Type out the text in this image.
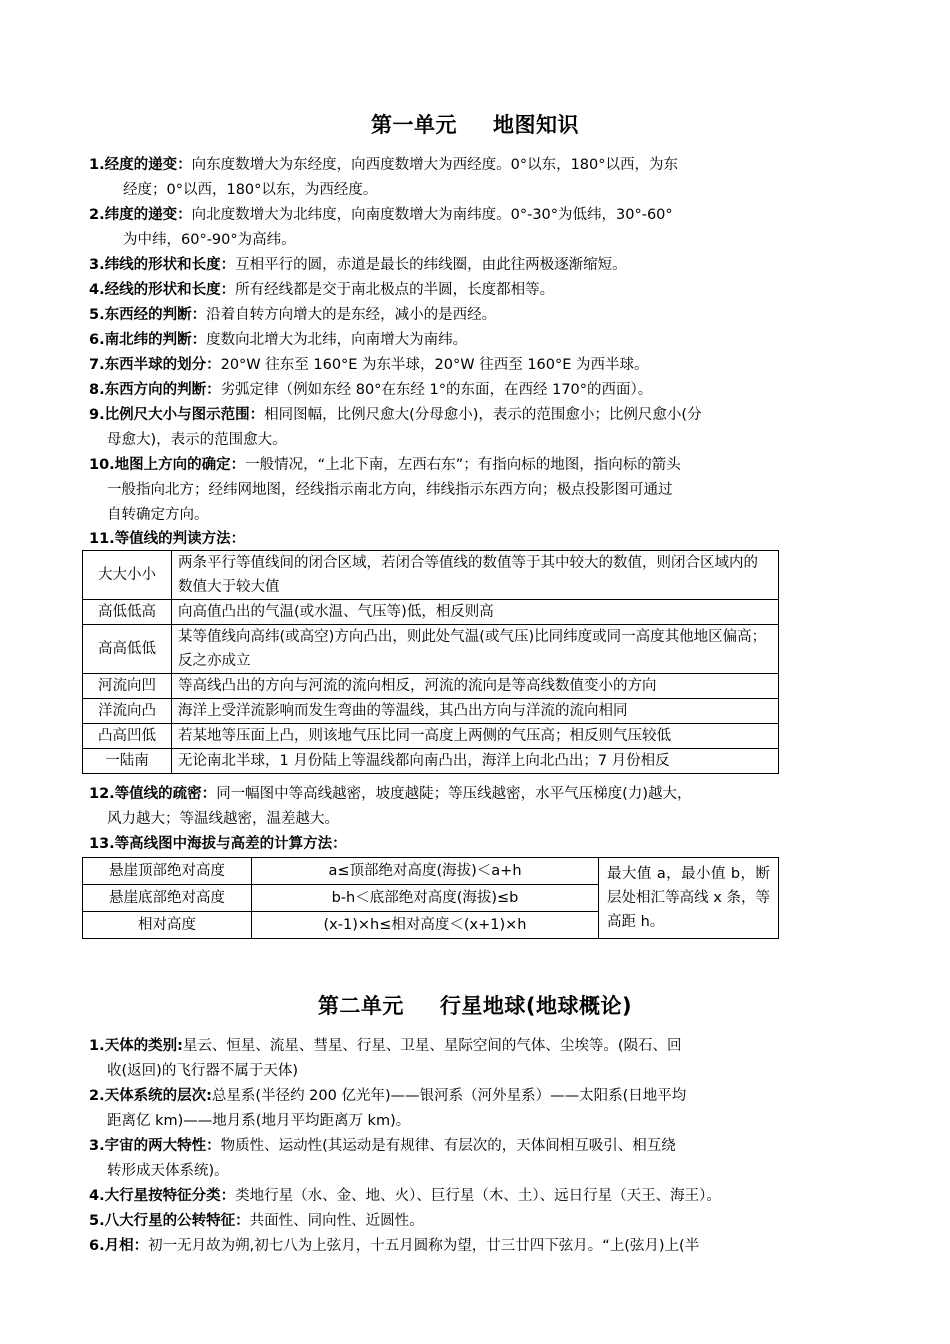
第一单元 地图知识
1.经度的递变：向东度数增大为东经度，向西度数增大为西经度。0°以东，180°以西，为东
经度；0°以西，180°以东，为西经度。
2.纬度的递变：向北度数增大为北纬度，向南度数增大为南纬度。0°-30°为低纬，30°-60°
为中纬，60°-90°为高纬。
3.纬线的形状和长度：互相平行的圆，赤道是最长的纬线圈，由此往两极逐渐缩短。
4.经线的形状和长度：所有经线都是交于南北极点的半圆，长度都相等。
5.东西经的判断：沿着自转方向增大的是东经，减小的是西经。
6.南北纬的判断：度数向北增大为北纬，向南增大为南纬。
7.东西半球的划分：20°W 往东至 160°E 为东半球，20°W 往西至 160°E 为西半球。
8.东西方向的判断：劣弧定律（例如东经 80°在东经 1°的东面，在西经 170°的西面）。
9.比例尺大小与图示范围：相同图幅，比例尺愈大(分母愈小)，表示的范围愈小；比例尺愈小(分
母愈大)，表示的范围愈大。
10.地图上方向的确定：一般情况，“上北下南，左西右东”；有指向标的地图，指向标的箭头
一般指向北方；经纬网地图，经线指示南北方向，纬线指示东西方向；极点投影图可通过
自转确定方向。
11.等值线的判读方法：
大大小小	两条平行等值线间的闭合区域，若闭合等值线的数值等于其中较大的数值，则闭合区域内的数值大于较大值
高低低高	向高值凸出的气温(或水温、气压等)低，相反则高
高高低低	某等值线向高纬(或高空)方向凸出，则此处气温(或气压)比同纬度或同一高度其他地区偏高；反之亦成立
河流向凹	等高线凸出的方向与河流的流向相反，河流的流向是等高线数值变小的方向
洋流向凸	海洋上受洋流影响而发生弯曲的等温线，其凸出方向与洋流的流向相同
凸高凹低	若某地等压面上凸，则该地气压比同一高度上两侧的气压高；相反则气压较低
一陆南	无论南北半球，1 月份陆上等温线都向南凸出，海洋上向北凸出；7 月份相反
12.等值线的疏密：同一幅图中等高线越密，坡度越陡；等压线越密，水平气压梯度(力)越大，
风力越大；等温线越密，温差越大。
13.等高线图中海拔与高差的计算方法：
悬崖顶部绝对高度	a≤顶部绝对高度(海拔)＜a+h	最大值 a，最小值 b，断层处相汇等高线 x 条，等高距 h。
悬崖底部绝对高度	b-h＜底部绝对高度(海拔)≤b	
相对高度	(x-1)×h≤相对高度＜(x+1)×h	
第二单元 行星地球(地球概论)
1.天体的类别:星云、恒星、流星、彗星、行星、卫星、星际空间的气体、尘埃等。(陨石、回
收(返回)的飞行器不属于天体)
2.天体系统的层次:总星系(半径约 200 亿光年)——银河系（河外星系）——太阳系(日地平均
距离亿 km)——地月系(地月平均距离万 km)。
3.宇宙的两大特性：物质性、运动性(其运动是有规律、有层次的，天体间相互吸引、相互绕
转形成天体系统)。
4.大行星按特征分类：类地行星（水、金、地、火）、巨行星（木、土）、远日行星（天王、海王）。
5.八大行星的公转特征：共面性、同向性、近圆性。
6.月相：初一无月故为朔,初七八为上弦月，十五月圆称为望，廿三廿四下弦月。“上(弦月)上(半
